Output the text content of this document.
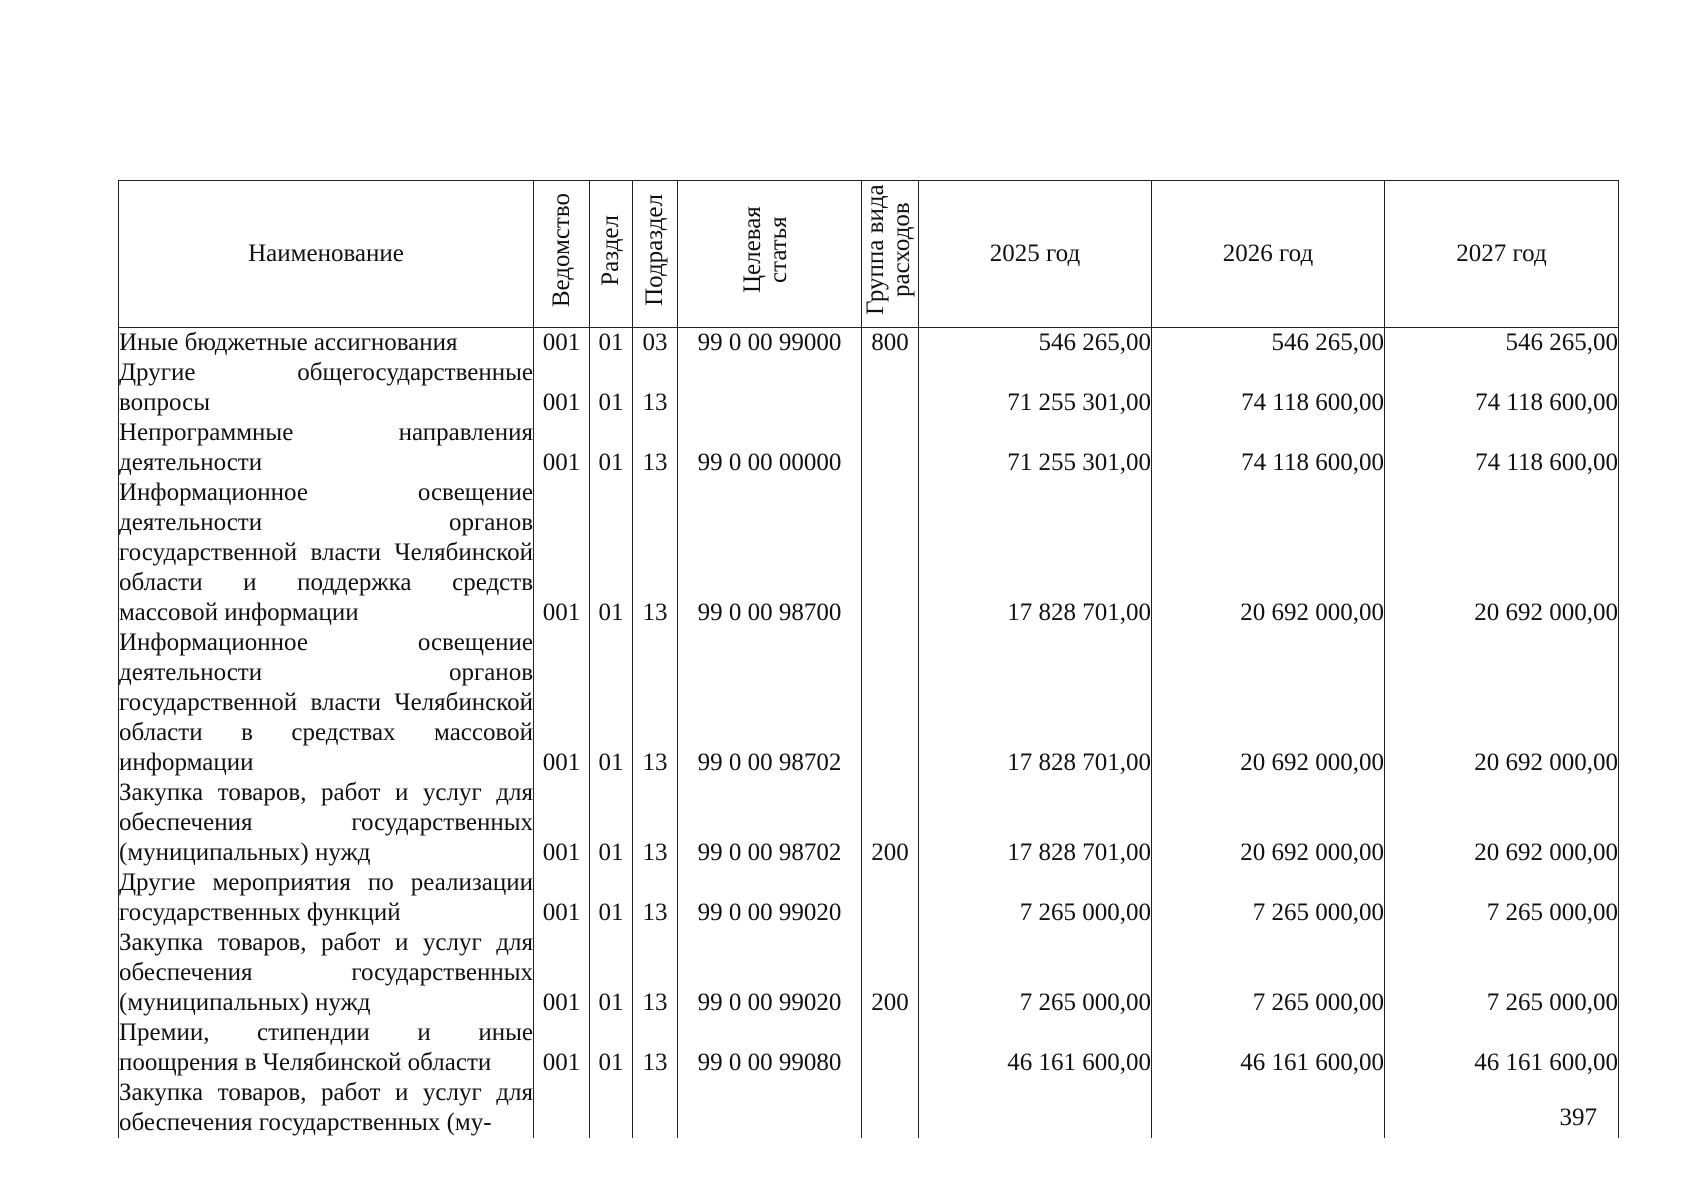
Наименование	Ведомство	Раздел	Подраздел	Целевая статья	Группа вида расходов	2025 год	2026 год	2027 год
Иные бюджетные ассигнования	001	01	03	99 0 00 99000	800	546 265,00	546 265,00	546 265,00
Другие общегосударственные вопросы	001	01	13			71 255 301,00	74 118 600,00	74 118 600,00
Непрограммные направления деятельности	001	01	13	99 0 00 00000		71 255 301,00	74 118 600,00	74 118 600,00
Информационное освещение деятельности органов государственной власти Челябинской области и поддержка средств массовой информации	001	01	13	99 0 00 98700		17 828 701,00	20 692 000,00	20 692 000,00
Информационное освещение деятельности органов государственной власти Челябинской области в средствах массовой информации	001	01	13	99 0 00 98702		17 828 701,00	20 692 000,00	20 692 000,00
Закупка товаров, работ и услуг для обеспечения государственных (муниципальных) нужд	001	01	13	99 0 00 98702	200	17 828 701,00	20 692 000,00	20 692 000,00
Другие мероприятия по реализации государственных функций	001	01	13	99 0 00 99020		7 265 000,00	7 265 000,00	7 265 000,00
Закупка товаров, работ и услуг для обеспечения государственных (муниципальных) нужд	001	01	13	99 0 00 99020	200	7 265 000,00	7 265 000,00	7 265 000,00
Премии, стипендии и иные поощрения в Челябинской области	001	01	13	99 0 00 99080		46 161 600,00	46 161 600,00	46 161 600,00
Закупка товаров, работ и услуг для обеспечения государственных (му-									397
